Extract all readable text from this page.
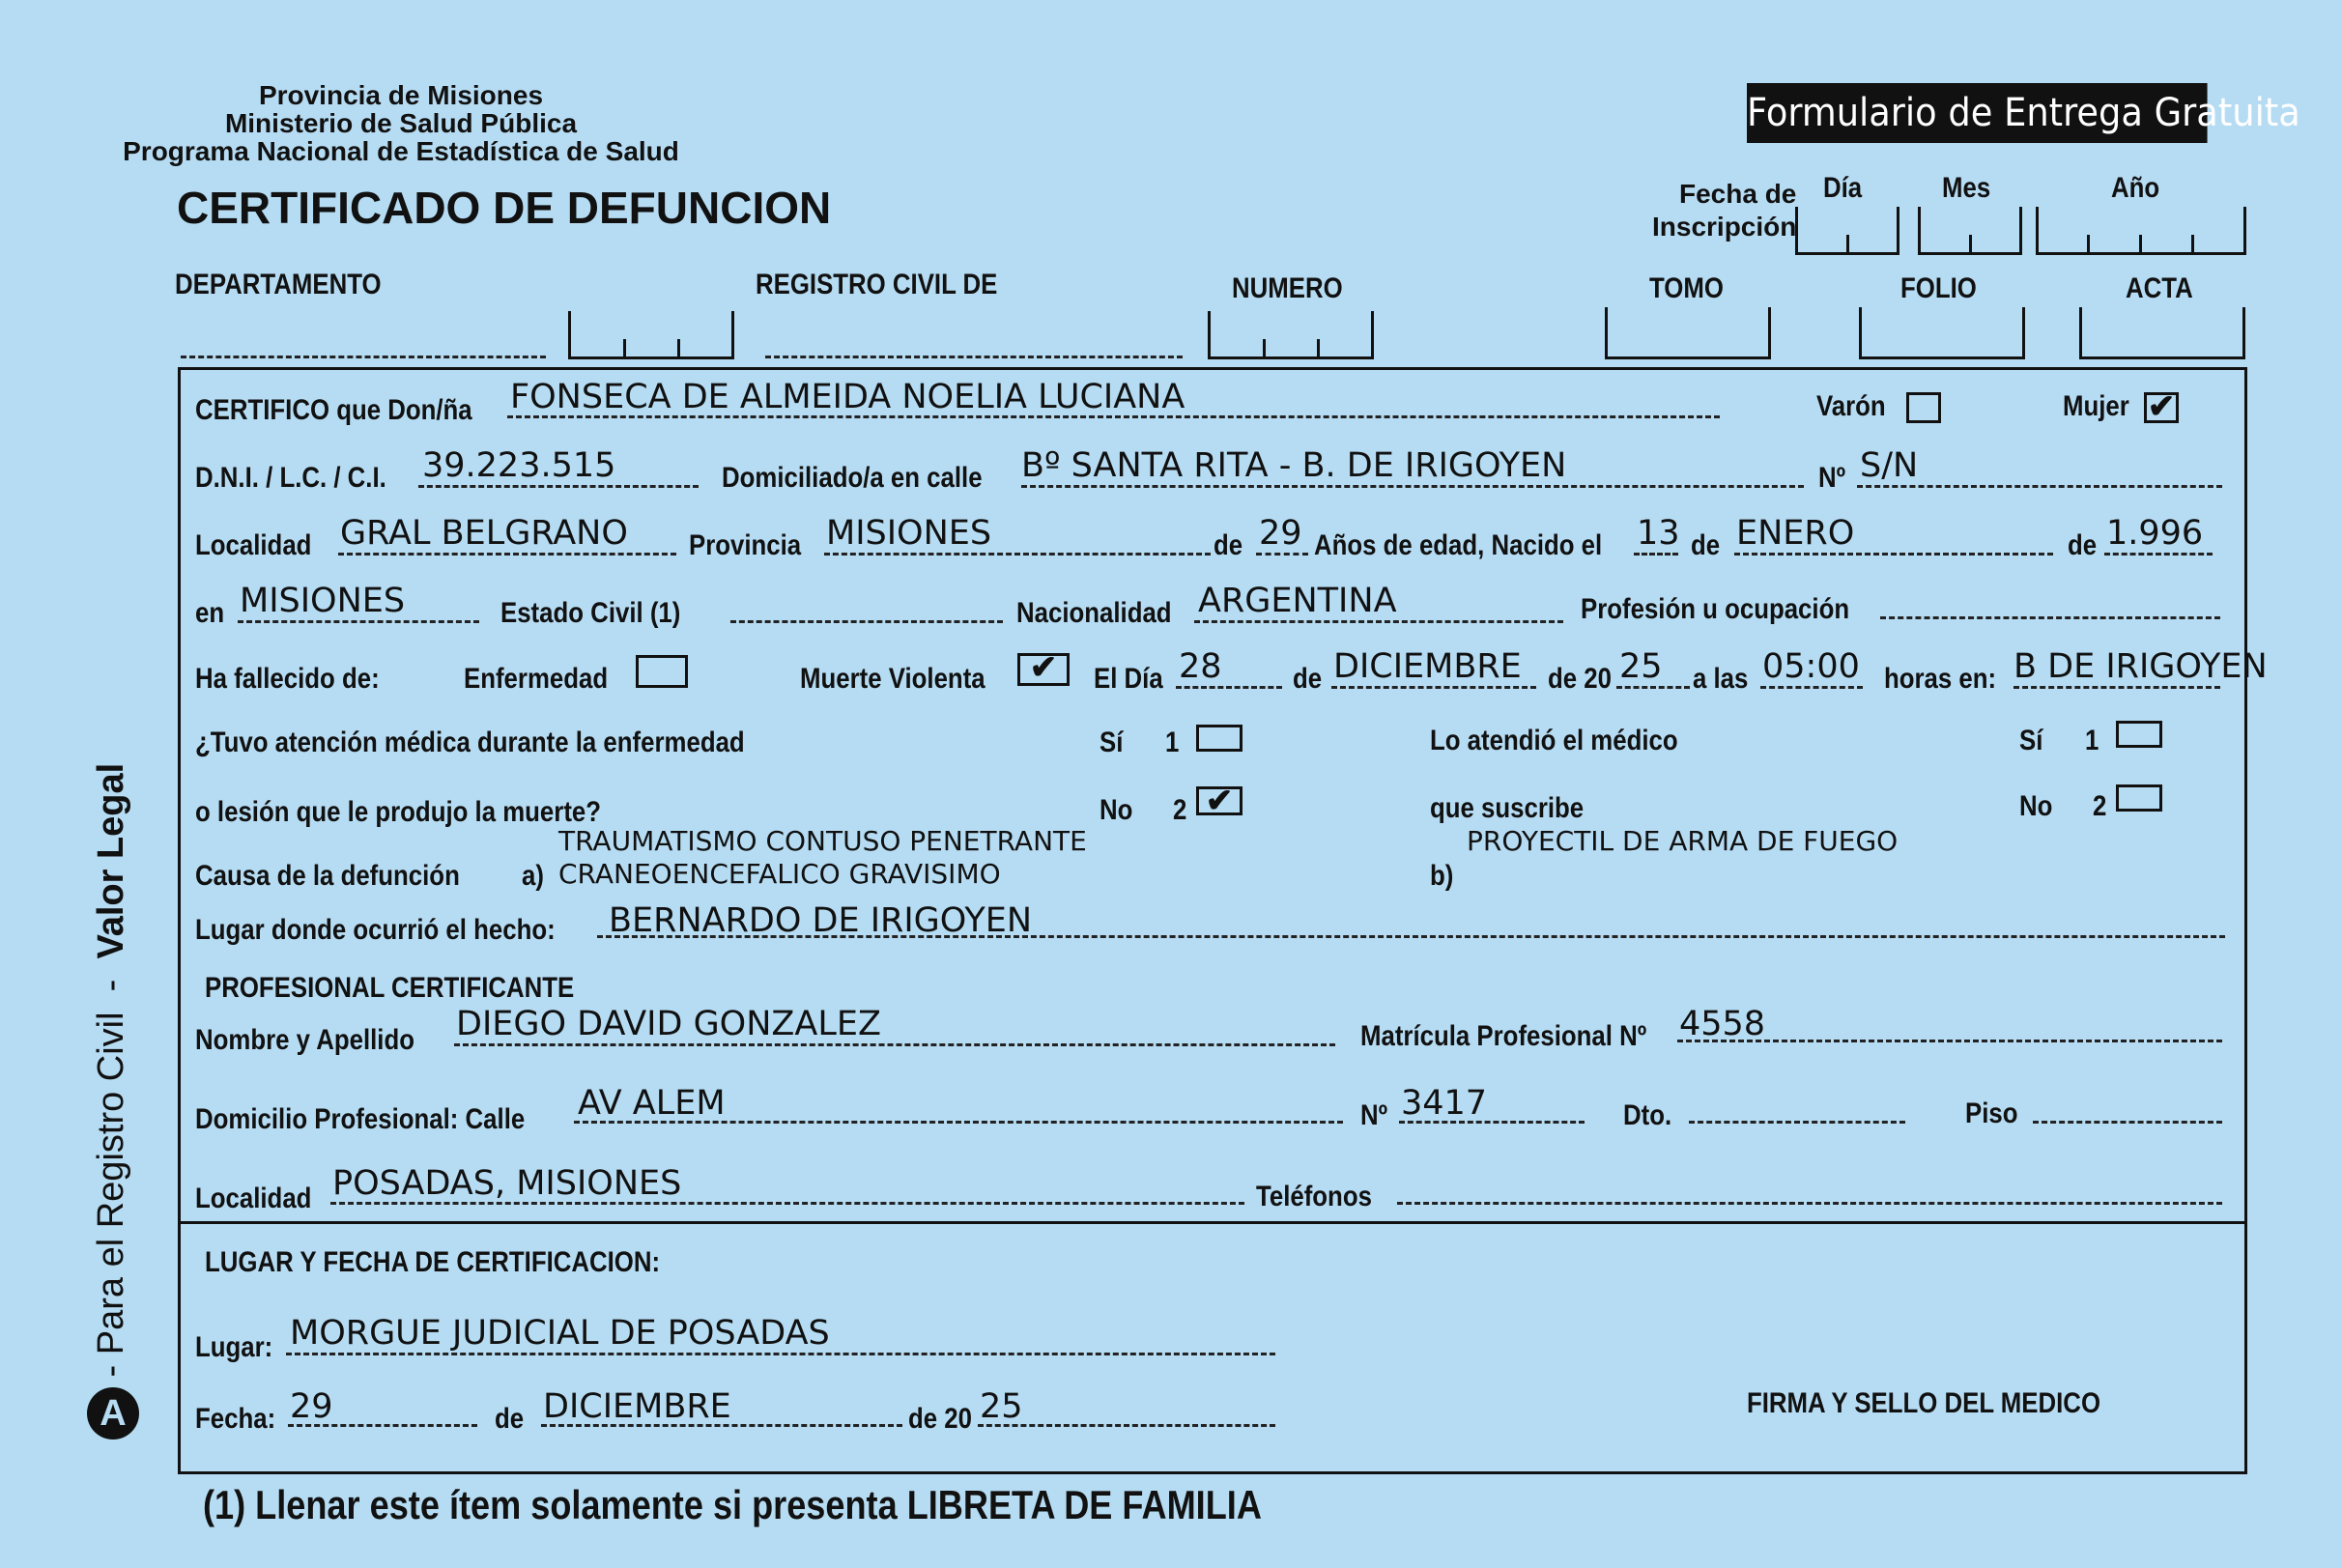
Provincia de Misiones
Ministerio de Salud Pública
Programa Nacional de Estadística de Salud
CERTIFICADO DE DEFUNCION
Formulario de Entrega Gratuita
Fecha de
Inscripción
Día	Mes	Año
DEPARTAMENTO	REGISTRO CIVIL DE	NUMERO	TOMO	FOLIO	ACTA
CERTIFICO que Don/ña FONSECA DE ALMEIDA NOELIA LUCIANA	Varón	Mujer ✔
D.N.I. / L.C. / C.I. 39.223.515	Domiciliado/a en calle Bº SANTA RITA - B. DE IRIGOYEN	Nº S/N
Localidad GRAL BELGRANO Provincia MISIONES	de 29 Años de edad, Nacido el 13 de ENERO	de 1.996
en MISIONES	Estado Civil (1)	Nacionalidad ARGENTINA	Profesión u ocupación
Ha fallecido de:	Enfermedad	Muerte Violenta	✔	El Día 28 de DICIEMBRE de 20 25 a las 05:00 horas en: B DE IRIGOYEN
¿Tuvo atención médica durante la enfermedad
o lesión que le produjo la muerte?
Sí 1
No 2 ✔
Lo atendió el médico
que suscribe
Sí 1
No 2
Causa de la defunción a)
TRAUMATISMO CONTUSO PENETRANTE
CRANEOENCEFALICO GRAVISIMO	b)
PROYECTIL DE ARMA DE FUEGO
Lugar donde ocurrió el hecho: BERNARDO DE IRIGOYEN
PROFESIONAL CERTIFICANTE
Nombre y Apellido DIEGO DAVID GONZALEZ	Matrícula Profesional Nº 4558
Domicilio Profesional: Calle AV ALEM	Nº 3417	Dto.	Piso
Localidad POSADAS, MISIONES	Teléfonos
LUGAR Y FECHA DE CERTIFICACION:
Lugar: MORGUE JUDICIAL DE POSADAS
Fecha: 29	de DICIEMBRE	de 20 25	FIRMA Y SELLO DEL MEDICO
A - Para el Registro Civil  -  Valor Legal
(1) Llenar este ítem solamente si presenta LIBRETA DE FAMILIA
